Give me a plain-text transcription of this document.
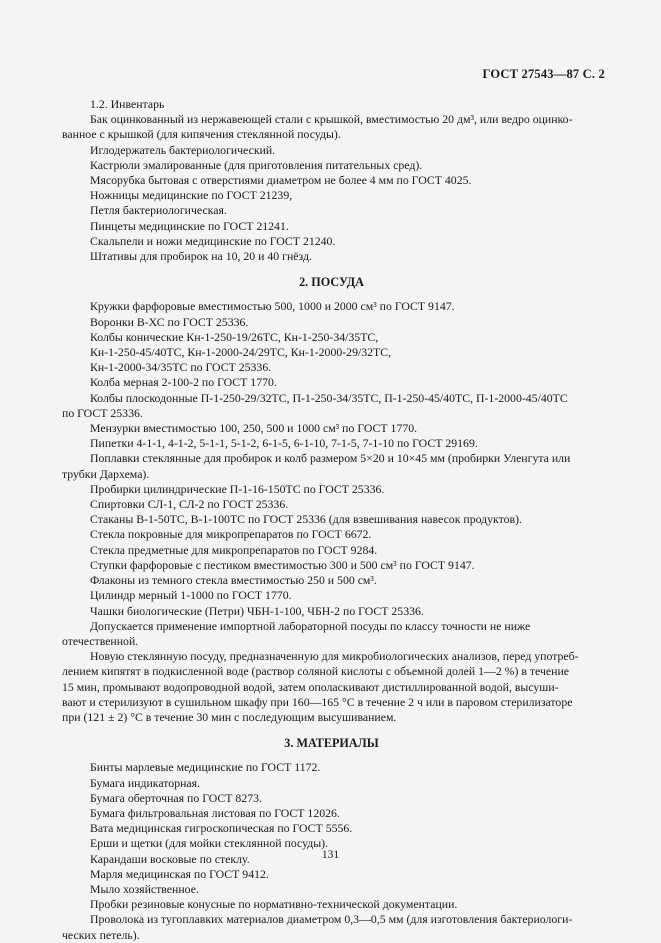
ГОСТ 27543—87 С. 2
1.2. Инвентарь
Бак оцинкованный из нержавеющей стали с крышкой, вместимостью 20 дм³, или ведро оцинко-
ванное с крышкой (для кипячения стеклянной посуды).
Иглодержатель бактериологический.
Кастрюли эмалированные (для приготовления питательных сред).
Мясорубка бытовая с отверстиями диаметром не более 4 мм по ГОСТ 4025.
Ножницы медицинские по ГОСТ 21239,
Петля бактериологическая.
Пинцеты медицинские по ГОСТ 21241.
Скальпели и ножи медицинские по ГОСТ 21240.
Штативы для пробирок на 10, 20 и 40 гнёзд.
2. ПОСУДА
Кружки фарфоровые вместимостью 500, 1000 и 2000 см³ по ГОСТ 9147.
Воронки В-ХС по ГОСТ 25336.
Колбы конические Кн-1-250-19/26ТС, Кн-1-250-34/35ТС,
Кн-1-250-45/40ТС, Кн-1-2000-24/29ТС, Кн-1-2000-29/32ТС,
Кн-1-2000-34/35ТС по ГОСТ 25336.
Колба мерная 2-100-2 по ГОСТ 1770.
Колбы плоскодонные П-1-250-29/32ТС, П-1-250-34/35ТС, П-1-250-45/40ТС, П-1-2000-45/40ТС
по ГОСТ 25336.
Мензурки вместимостью 100, 250, 500 и 1000 см³ по ГОСТ 1770.
Пипетки 4-1-1, 4-1-2, 5-1-1, 5-1-2, 6-1-5, 6-1-10, 7-1-5, 7-1-10 по ГОСТ 29169.
Поплавки стеклянные для пробирок и колб размером 5×20 и 10×45 мм (пробирки Уленгута или
трубки Дархема).
Пробирки цилиндрические П-1-16-150ТС по ГОСТ 25336.
Спиртовки СЛ-1, СЛ-2 по ГОСТ 25336.
Стаканы В-1-50ТС, В-1-100ТС по ГОСТ 25336 (для взвешивания навесок продуктов).
Стекла покровные для микропрепаратов по ГОСТ 6672.
Стекла предметные для микропрепаратов по ГОСТ 9284.
Ступки фарфоровые с пестиком вместимостью 300 и 500 см³ по ГОСТ 9147.
Флаконы из темного стекла вместимостью 250 и 500 см³.
Цилиндр мерный 1-1000 по ГОСТ 1770.
Чашки биологические (Петри) ЧБН-1-100, ЧБН-2 по ГОСТ 25336.
Допускается применение импортной лабораторной посуды по классу точности не ниже
отечественной.
Новую стеклянную посуду, предназначенную для микробиологических анализов, перед употреб-
лением кипятят в подкисленной воде (раствор соляной кислоты с объемной долей 1—2 %) в течение
15 мин, промывают водопроводной водой, затем ополаскивают дистиллированной водой, высуши-
вают и стерилизуют в сушильном шкафу при 160—165 °С в течение 2 ч или в паровом стерилизаторе
при (121 ± 2) °С в течение 30 мин с последующим высушиванием.
3. МАТЕРИАЛЫ
Бинты марлевые медицинские по ГОСТ 1172.
Бумага индикаторная.
Бумага оберточная по ГОСТ 8273.
Бумага фильтровальная листовая по ГОСТ 12026.
Вата медицинская гигроскопическая по ГОСТ 5556.
Ерши и щетки (для мойки стеклянной посуды).
Карандаши восковые по стеклу.
Марля медицинская по ГОСТ 9412.
Мыло хозяйственное.
Пробки резиновые конусные по нормативно-технической документации.
Проволока из тугоплавких материалов диаметром 0,3—0,5 мм (для изготовления бактериологи-
ческих петель).
131
